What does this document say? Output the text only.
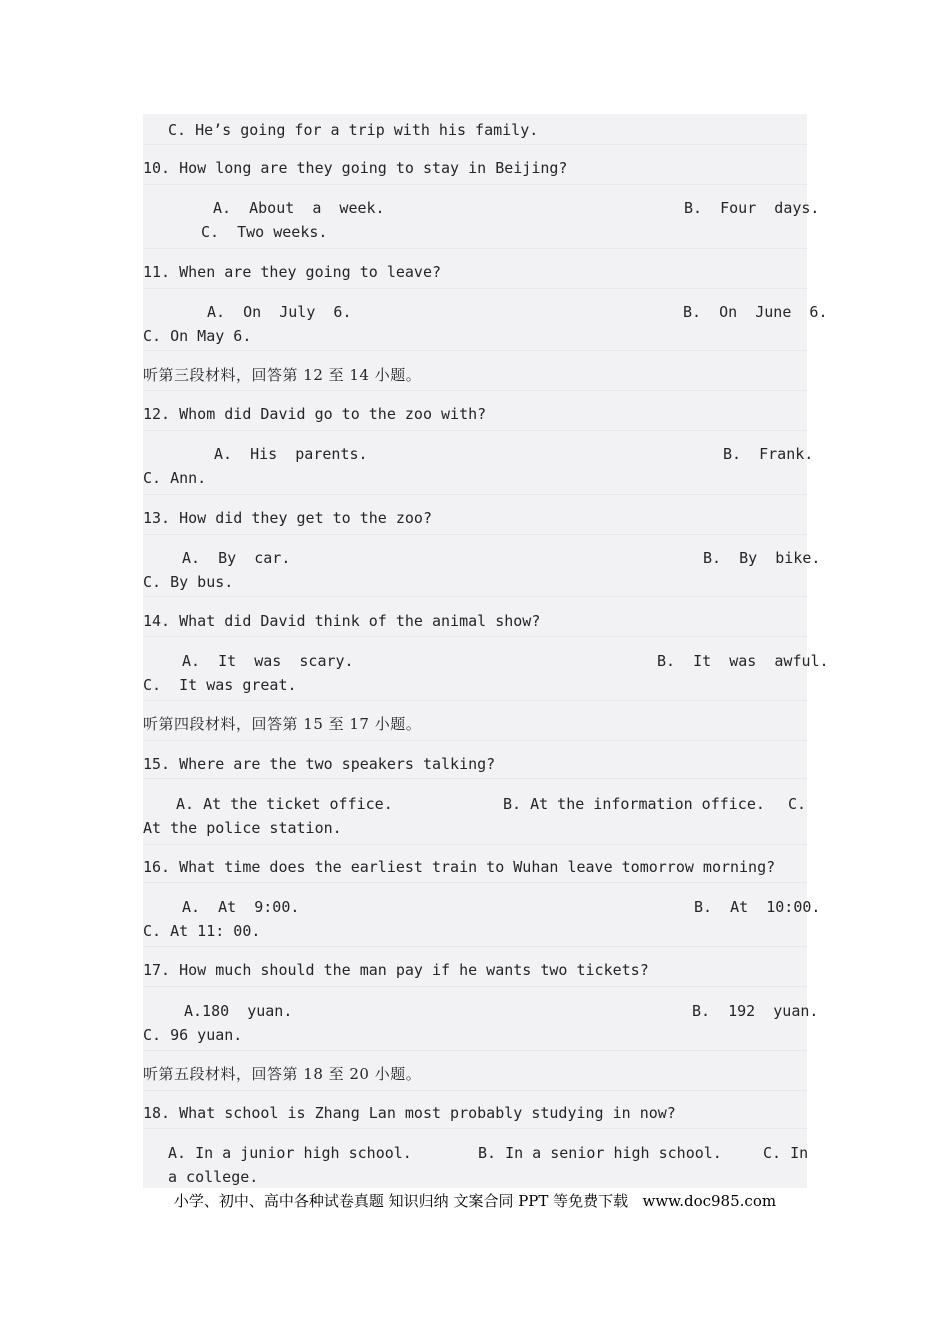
C. He’s going for a trip with his family.
10. How long are they going to stay in Beijing?
A.  About  a  week.	B.  Four  days.
C.  Two weeks.
11. When are they going to leave?
A.  On  July  6.	B.  On  June  6.
C. On May 6.
听第三段材料，回答第 12 至 14 小题。
12. Whom did David go to the zoo with?
A.  His  parents.	B.  Frank.
C. Ann.
13. How did they get to the zoo?
A.  By  car.	B.  By  bike.
C. By bus.
14. What did David think of the animal show?
A.  It  was  scary.	B.  It  was  awful.
C.  It was great.
听第四段材料，回答第 15 至 17 小题。
15. Where are the two speakers talking?
A. At the ticket office.	B. At the information office. C.
At the police station.
16. What time does the earliest train to Wuhan leave tomorrow morning?
A.  At  9:00.	B.  At  10:00.
C. At 11: 00.
17. How much should the man pay if he wants two tickets?
A.180  yuan.	B.  192  yuan.
C. 96 yuan.
听第五段材料，回答第 18 至 20 小题。
18. What school is Zhang Lan most probably studying in now?
A. In a junior high school.	B. In a senior high school.	C. In
a college.
小学、初中、高中各种试卷真题 知识归纳 文案合同 PPT 等免费下载   www.doc985.com
